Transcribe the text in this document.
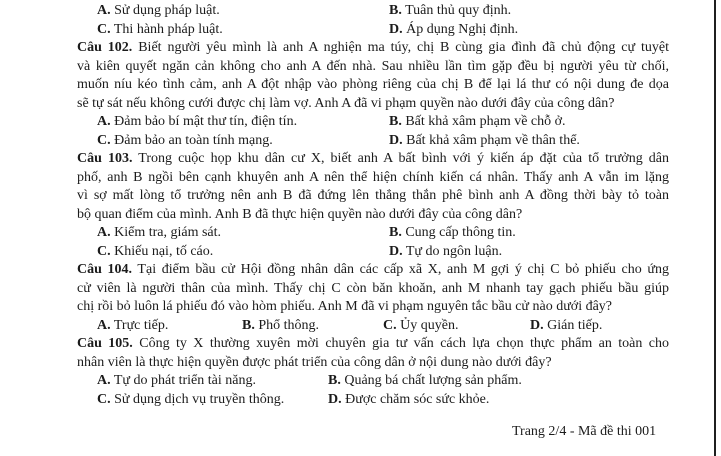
A. Sử dụng pháp luật.	B. Tuân thủ quy định.
C. Thi hành pháp luật.	D. Áp dụng Nghị định.
Câu 102. Biết người yêu mình là anh A nghiện ma túy, chị B cùng gia đình đã chủ động cự tuyệt
và kiên quyết ngăn cản không cho anh A đến nhà. Sau nhiều lần tìm gặp đều bị người yêu từ chối,
muốn níu kéo tình cảm, anh A đột nhập vào phòng riêng của chị B để lại lá thư có nội dung đe dọa
sẽ tự sát nếu không cưới được chị làm vợ. Anh A đã vi phạm quyền nào dưới đây của công dân?
A. Đảm bảo bí mật thư tín, điện tín.	B. Bất khả xâm phạm về chỗ ở.
C. Đảm bảo an toàn tính mạng.	D. Bất khả xâm phạm về thân thể.
Câu 103. Trong cuộc họp khu dân cư X, biết anh A bất bình với ý kiến áp đặt của tổ trưởng dân
phố, anh B ngồi bên cạnh khuyên anh A nên thể hiện chính kiến cá nhân. Thấy anh A vẫn im lặng
vì sợ mất lòng tổ trưởng nên anh B đã đứng lên thẳng thắn phê bình anh A đồng thời bày tỏ toàn
bộ quan điểm của mình. Anh B đã thực hiện quyền nào dưới đây của công dân?
A. Kiểm tra, giám sát.	B. Cung cấp thông tin.
C. Khiếu nại, tố cáo.	D. Tự do ngôn luận.
Câu 104. Tại điểm bầu cử Hội đồng nhân dân các cấp xã X, anh M gợi ý chị C bỏ phiếu cho ứng
cử viên là người thân của mình. Thấy chị C còn băn khoăn, anh M nhanh tay gạch phiếu bầu giúp
chị rồi bỏ luôn lá phiếu đó vào hòm phiếu. Anh M đã vi phạm nguyên tắc bầu cử nào dưới đây?
A. Trực tiếp.	B. Phổ thông.	C. Ủy quyền.	D. Gián tiếp.
Câu 105. Công ty X thường xuyên mời chuyên gia tư vấn cách lựa chọn thực phẩm an toàn cho
nhân viên là thực hiện quyền được phát triển của công dân ở nội dung nào dưới đây?
A. Tự do phát triển tài năng.	B. Quảng bá chất lượng sản phẩm.
C. Sử dụng dịch vụ truyền thông.	D. Được chăm sóc sức khỏe.
Trang 2/4 - Mã đề thi 001
